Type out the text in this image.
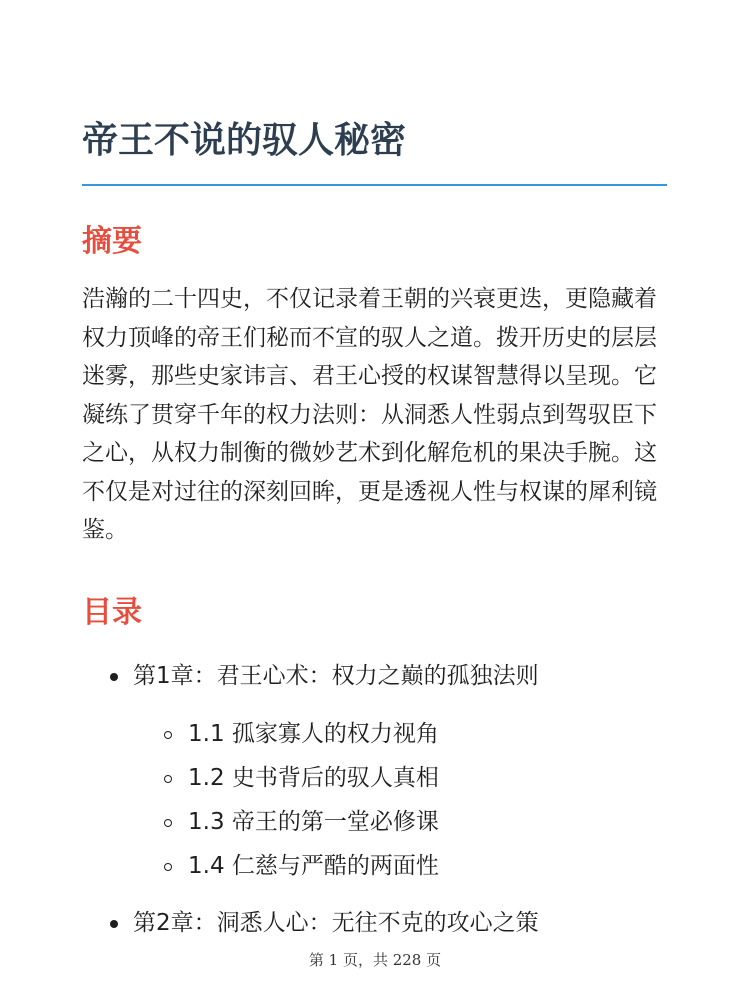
帝王不说的驭人秘密
摘要

浩瀚的二十四史，不仅记录着王朝的兴衰更迭，更隐藏着权力顶峰的帝王们秘而不宣的驭人之道。拨开历史的层层迷雾，那些史家讳言、君王心授的权谋智慧得以呈现。它凝练了贯穿千年的权力法则：从洞悉人性弱点到驾驭臣下之心，从权力制衡的微妙艺术到化解危机的果决手腕。这不仅是对过往的深刻回眸，更是透视人性与权谋的犀利镜鉴。

目录
第1章：君王心术：权力之巅的孤独法则
1.1 孤家寡人的权力视角
1.2 史书背后的驭人真相
1.3 帝王的第一堂必修课
1.4 仁慈与严酷的两面性
第2章：洞悉人心：无往不克的攻心之策
第 1 页，共 228 页
